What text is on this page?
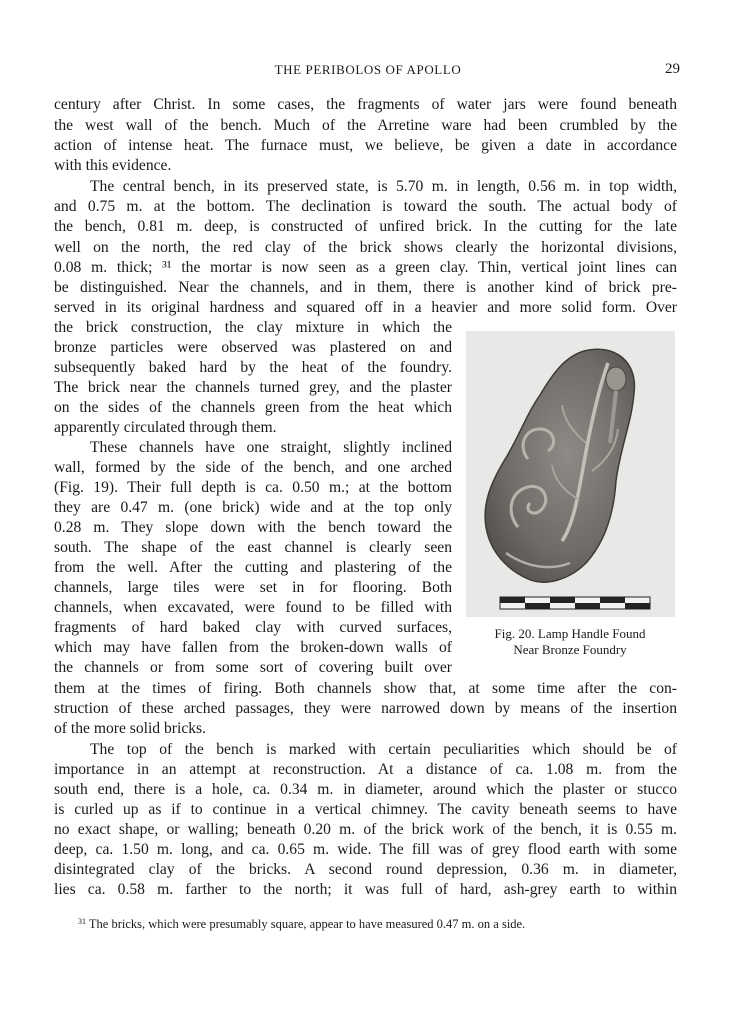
THE PERIBOLOS OF APOLLO	29
century after Christ. In some cases, the fragments of water jars were found beneath
the west wall of the bench. Much of the Arretine ware had been crumbled by the
action of intense heat. The furnace must, we believe, be given a date in accordance
with this evidence.
The central bench, in its preserved state, is 5.70 m. in length, 0.56 m. in top width,
and 0.75 m. at the bottom. The declination is toward the south. The actual body of
the bench, 0.81 m. deep, is constructed of unfired brick. In the cutting for the late
well on the north, the red clay of the brick shows clearly the horizontal divisions,
0.08 m. thick; ³¹ the mortar is now seen as a green clay. Thin, vertical joint lines can
be distinguished. Near the channels, and in them, there is another kind of brick pre-
served in its original hardness and squared off in a heavier and more solid form. Over
the brick construction, the clay mixture in which the
bronze particles were observed was plastered on and
subsequently baked hard by the heat of the foundry.
The brick near the channels turned grey, and the plaster
on the sides of the channels green from the heat which
apparently circulated through them.
These channels have one straight, slightly inclined
wall, formed by the side of the bench, and one arched
(Fig. 19). Their full depth is ca. 0.50 m.; at the bottom
they are 0.47 m. (one brick) wide and at the top only
0.28 m. They slope down with the bench toward the
south. The shape of the east channel is clearly seen
from the well. After the cutting and plastering of the
channels, large tiles were set in for flooring. Both
channels, when excavated, were found to be filled with
fragments of hard baked clay with curved surfaces,
which may have fallen from the broken-down walls of
the channels or from some sort of covering built over
them at the times of firing. Both channels show that, at some time after the con-
struction of these arched passages, they were narrowed down by means of the insertion
of the more solid bricks.
The top of the bench is marked with certain peculiarities which should be of
importance in an attempt at reconstruction. At a distance of ca. 1.08 m. from the
south end, there is a hole, ca. 0.34 m. in diameter, around which the plaster or stucco
is curled up as if to continue in a vertical chimney. The cavity beneath seems to have
no exact shape, or walling; beneath 0.20 m. of the brick work of the bench, it is 0.55 m.
deep, ca. 1.50 m. long, and ca. 0.65 m. wide. The fill was of grey flood earth with some
disintegrated clay of the bricks. A second round depression, 0.36 m. in diameter,
lies ca. 0.58 m. farther to the north; it was full of hard, ash-grey earth to within
Fig. 20. Lamp Handle Found
Near Bronze Foundry
$^{31}$ The bricks, which were presumably square, appear to have measured 0.47 m. on a side.
